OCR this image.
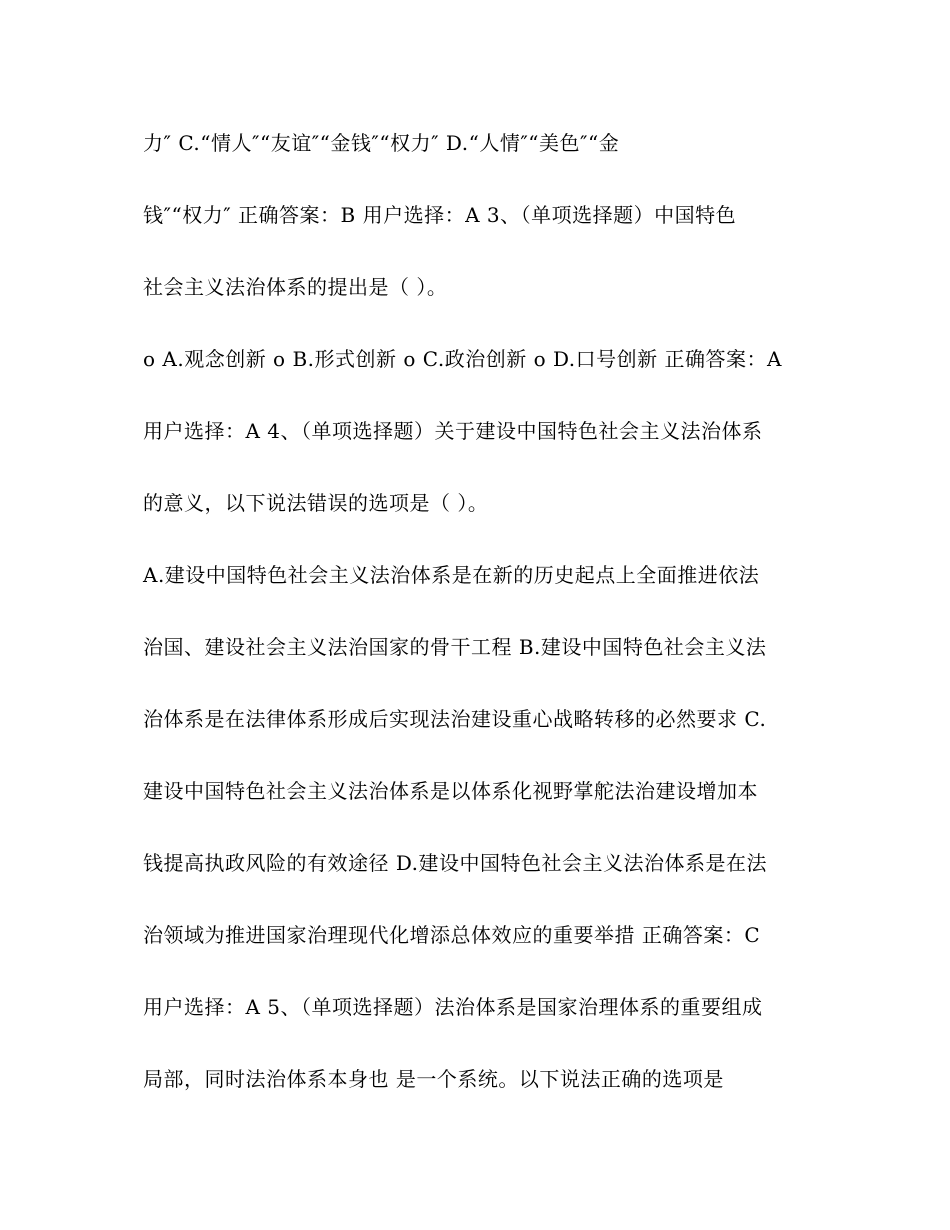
力″ C.“情人″“友谊″“金钱″“权力″ D.“人情″“美色″“金
钱″“权力″ 正确答案：B 用户选择：A 3、（单项选择题）中国特色
社会主义法治体系的提出是（ ）。
o A.观念创新 o B.形式创新 o C.政治创新 o D.口号创新 正确答案：A
用户选择：A 4、（单项选择题）关于建设中国特色社会主义法治体系
的意义，以下说法错误的选项是（ ）。
A.建设中国特色社会主义法治体系是在新的历史起点上全面推进依法
治国、建设社会主义法治国家的骨干工程 B.建设中国特色社会主义法
治体系是在法律体系形成后实现法治建设重心战略转移的必然要求 C.
建设中国特色社会主义法治体系是以体系化视野掌舵法治建设增加本
钱提高执政风险的有效途径 D.建设中国特色社会主义法治体系是在法
治领域为推进国家治理现代化增添总体效应的重要举措 正确答案：C
用户选择：A 5、（单项选择题）法治体系是国家治理体系的重要组成
局部，同时法治体系本身也 是一个系统。以下说法正确的选项是
